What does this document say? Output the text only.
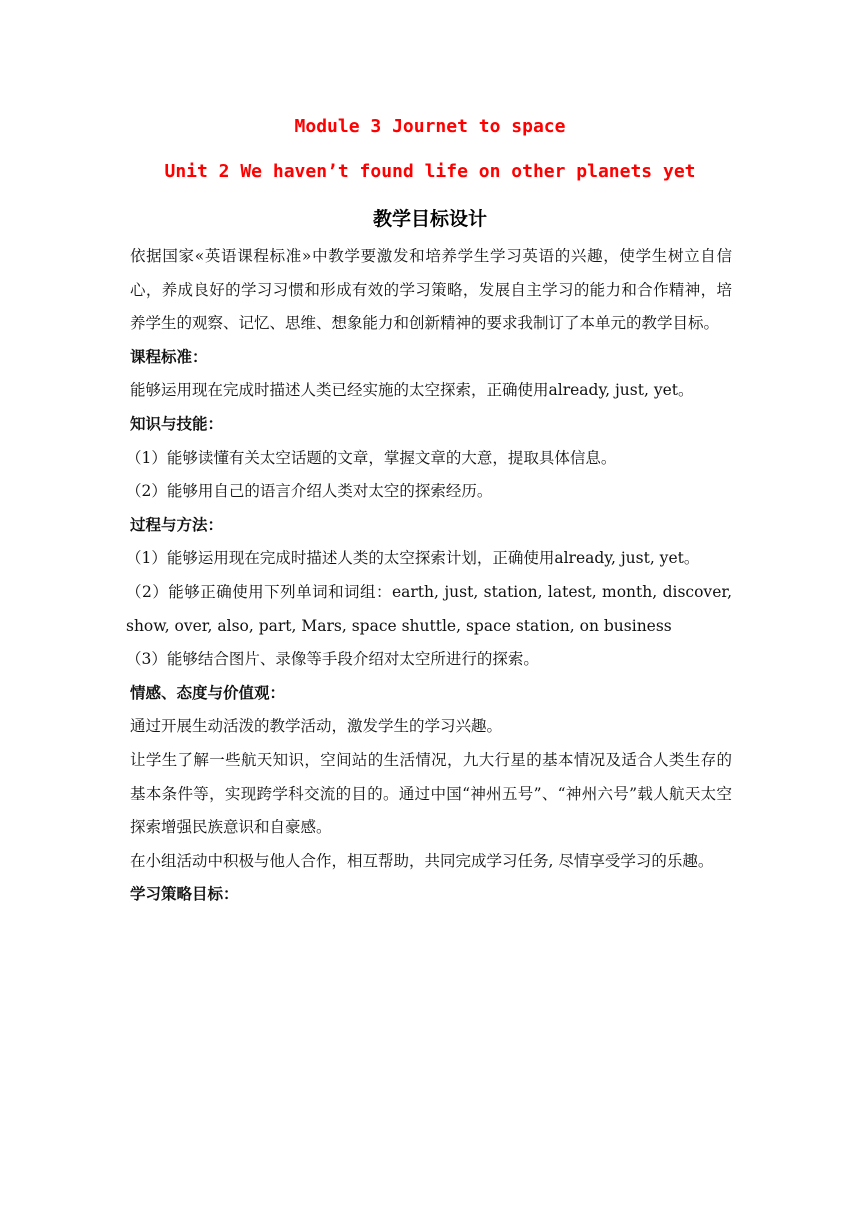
Module 3 Journet to space
Unit 2 We haven’t found life on other planets yet
教学目标设计

依据国家«英语课程标准»中教学要激发和培养学生学习英语的兴趣，使学生树立自信心，养成良好的学习习惯和形成有效的学习策略，发展自主学习的能力和合作精神，培养学生的观察、记忆、思维、想象能力和创新精神的要求我制订了本单元的教学目标。

课程标准：

能够运用现在完成时描述人类已经实施的太空探索，正确使用already, just, yet。

知识与技能：

（1）能够读懂有关太空话题的文章，掌握文章的大意，提取具体信息。

（2）能够用自己的语言介绍人类对太空的探索经历。

过程与方法：

（1）能够运用现在完成时描述人类的太空探索计划，正确使用already, just, yet。

（2）能够正确使用下列单词和词组：earth, just, station, latest, month, discover, show, over, also, part, Mars, space shuttle, space station, on business

（3）能够结合图片、录像等手段介绍对太空所进行的探索。

情感、态度与价值观：

通过开展生动活泼的教学活动，激发学生的学习兴趣。

让学生了解一些航天知识，空间站的生活情况，九大行星的基本情况及适合人类生存的基本条件等，实现跨学科交流的目的。通过中国“神州五号”、“神州六号”载人航天太空探索增强民族意识和自豪感。

在小组活动中积极与他人合作，相互帮助，共同完成学习任务, 尽情享受学习的乐趣。

学习策略目标：
